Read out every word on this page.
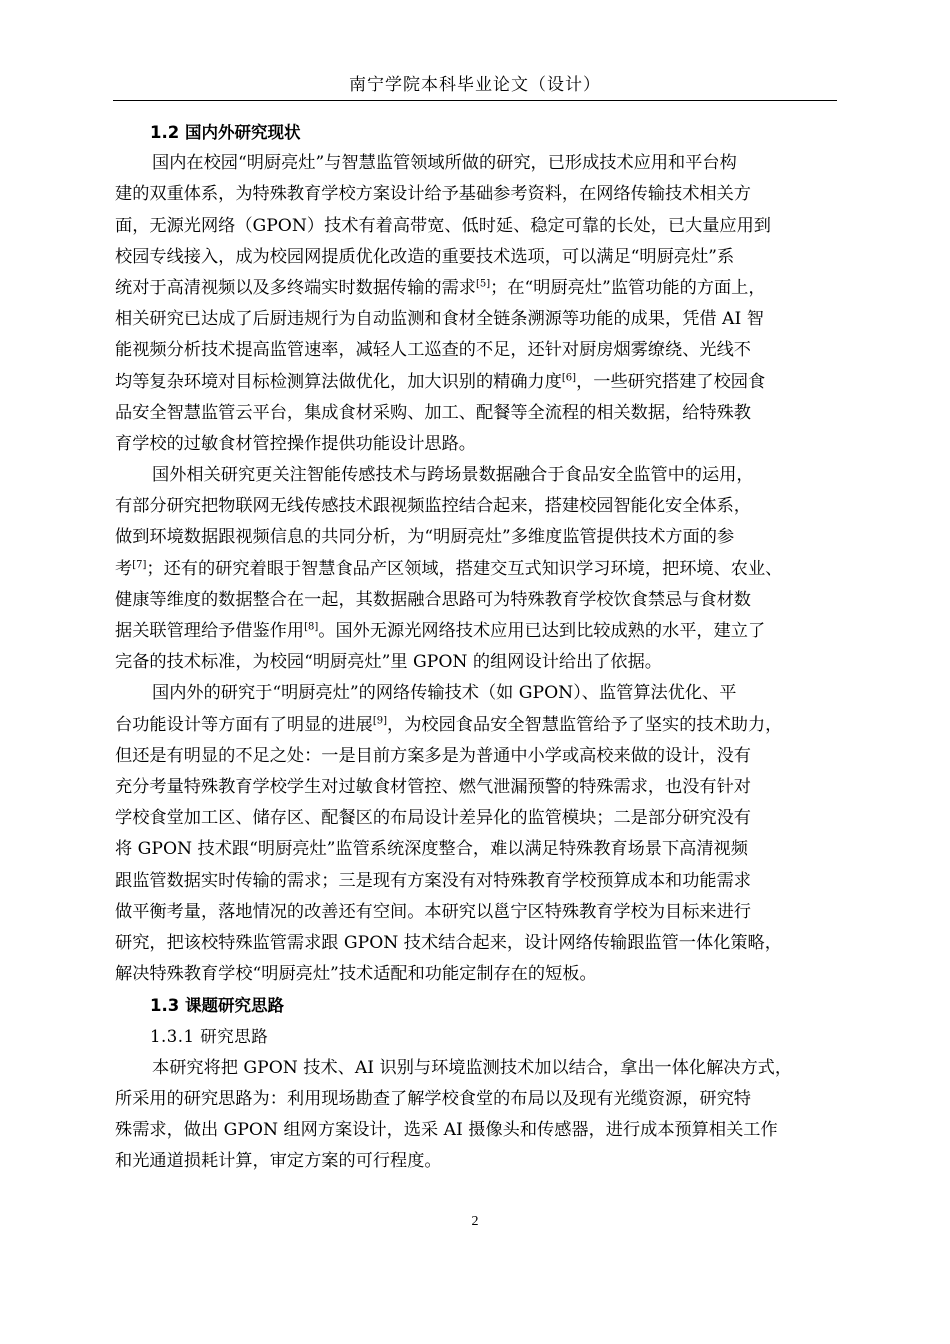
南宁学院本科毕业论文（设计）
1.2 国内外研究现状
国内在校园“明厨亮灶”与智慧监管领域所做的研究，已形成技术应用和平台构
建的双重体系，为特殊教育学校方案设计给予基础参考资料，在网络传输技术相关方
面，无源光网络（GPON）技术有着高带宽、低时延、稳定可靠的长处，已大量应用到
校园专线接入，成为校园网提质优化改造的重要技术选项，可以满足“明厨亮灶”系
统对于高清视频以及多终端实时数据传输的需求[5]；在“明厨亮灶”监管功能的方面上，
相关研究已达成了后厨违规行为自动监测和食材全链条溯源等功能的成果，凭借 AI 智
能视频分析技术提高监管速率，减轻人工巡查的不足，还针对厨房烟雾缭绕、光线不
均等复杂环境对目标检测算法做优化，加大识别的精确力度[6]，一些研究搭建了校园食
品安全智慧监管云平台，集成食材采购、加工、配餐等全流程的相关数据，给特殊教
育学校的过敏食材管控操作提供功能设计思路。
国外相关研究更关注智能传感技术与跨场景数据融合于食品安全监管中的运用，
有部分研究把物联网无线传感技术跟视频监控结合起来，搭建校园智能化安全体系，
做到环境数据跟视频信息的共同分析，为“明厨亮灶”多维度监管提供技术方面的参
考[7]；还有的研究着眼于智慧食品产区领域，搭建交互式知识学习环境，把环境、农业、
健康等维度的数据整合在一起，其数据融合思路可为特殊教育学校饮食禁忌与食材数
据关联管理给予借鉴作用[8]。国外无源光网络技术应用已达到比较成熟的水平，建立了
完备的技术标准，为校园“明厨亮灶”里 GPON 的组网设计给出了依据。
国内外的研究于“明厨亮灶”的网络传输技术（如 GPON）、监管算法优化、平
台功能设计等方面有了明显的进展[9]，为校园食品安全智慧监管给予了坚实的技术助力，
但还是有明显的不足之处：一是目前方案多是为普通中小学或高校来做的设计，没有
充分考量特殊教育学校学生对过敏食材管控、燃气泄漏预警的特殊需求，也没有针对
学校食堂加工区、储存区、配餐区的布局设计差异化的监管模块；二是部分研究没有
将 GPON 技术跟“明厨亮灶”监管系统深度整合，难以满足特殊教育场景下高清视频
跟监管数据实时传输的需求；三是现有方案没有对特殊教育学校预算成本和功能需求
做平衡考量，落地情况的改善还有空间。本研究以邕宁区特殊教育学校为目标来进行
研究，把该校特殊监管需求跟 GPON 技术结合起来，设计网络传输跟监管一体化策略，
解决特殊教育学校“明厨亮灶”技术适配和功能定制存在的短板。
1.3 课题研究思路
1.3.1 研究思路
本研究将把 GPON 技术、AI 识别与环境监测技术加以结合，拿出一体化解决方式，
所采用的研究思路为：利用现场勘查了解学校食堂的布局以及现有光缆资源，研究特
殊需求，做出 GPON 组网方案设计，选采 AI 摄像头和传感器，进行成本预算相关工作
和光通道损耗计算，审定方案的可行程度。
2
